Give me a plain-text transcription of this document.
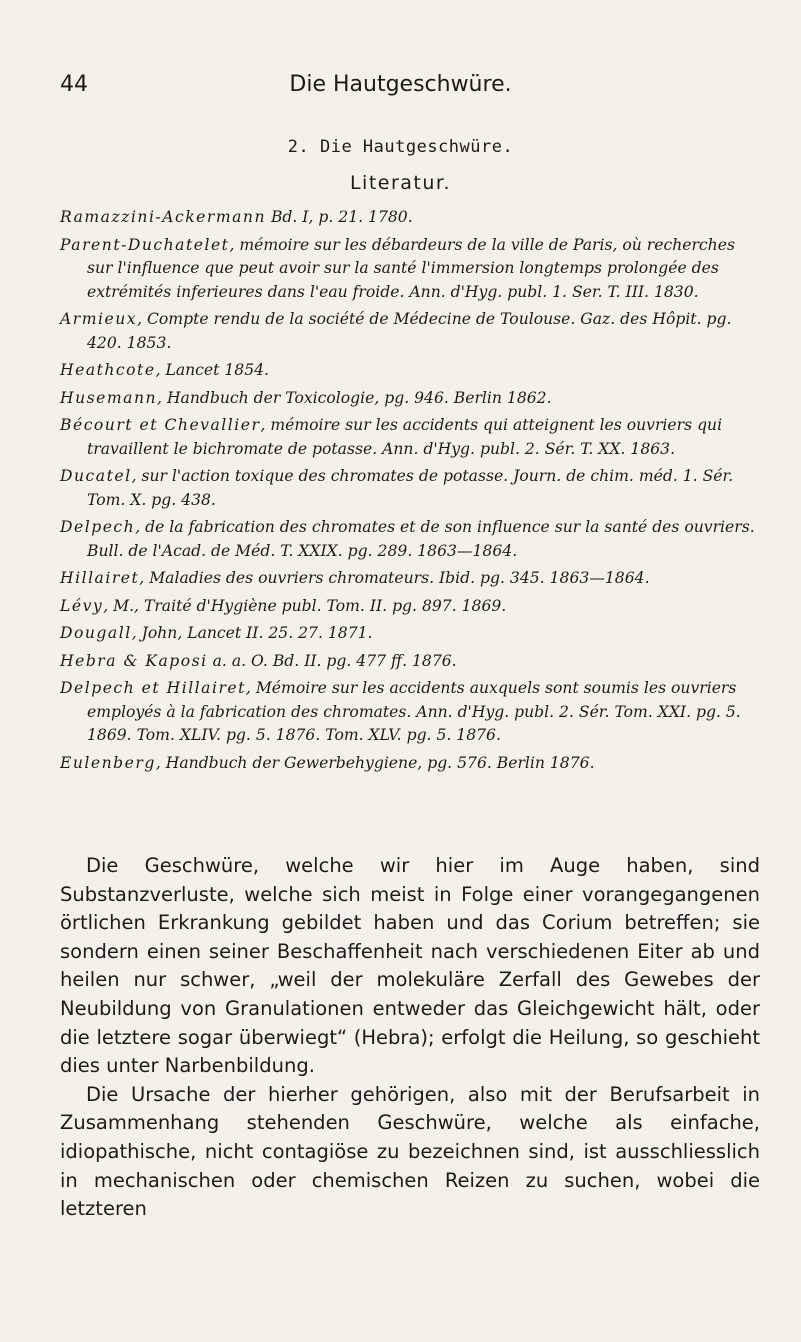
44	Die Hautgeschwüre.
2. Die Hautgeschwüre.
Literatur.
Ramazzini-Ackermann Bd. I, p. 21. 1780.
Parent-Duchatelet, mémoire sur les débardeurs de la ville de Paris, où recherches sur l'influence que peut avoir sur la santé l'immersion longtemps prolongée des extrémités inferieures dans l'eau froide. Ann. d'Hyg. publ. 1. Ser. T. III. 1830.
Armieux, Compte rendu de la société de Médecine de Toulouse. Gaz. des Hôpit. pg. 420. 1853.
Heathcote, Lancet 1854.
Husemann, Handbuch der Toxicologie, pg. 946. Berlin 1862.
Bécourt et Chevallier, mémoire sur les accidents qui atteignent les ouvriers qui travaillent le bichromate de potasse. Ann. d'Hyg. publ. 2. Sér. T. XX. 1863.
Ducatel, sur l'action toxique des chromates de potasse. Journ. de chim. méd. 1. Sér. Tom. X. pg. 438.
Delpech, de la fabrication des chromates et de son influence sur la santé des ouvriers. Bull. de l'Acad. de Méd. T. XXIX. pg. 289. 1863—1864.
Hillairet, Maladies des ouvriers chromateurs. Ibid. pg. 345. 1863—1864.
Lévy, M., Traité d'Hygiène publ. Tom. II. pg. 897. 1869.
Dougall, John, Lancet II. 25. 27. 1871.
Hebra & Kaposi a. a. O. Bd. II. pg. 477 ff. 1876.
Delpech et Hillairet, Mémoire sur les accidents auxquels sont soumis les ouvriers employés à la fabrication des chromates. Ann. d'Hyg. publ. 2. Sér. Tom. XXI. pg. 5. 1869. Tom. XLIV. pg. 5. 1876. Tom. XLV. pg. 5. 1876.
Eulenberg, Handbuch der Gewerbehygiene, pg. 576. Berlin 1876.

Die Geschwüre, welche wir hier im Auge haben, sind Substanzverluste, welche sich meist in Folge einer vorangegangenen örtlichen Erkrankung gebildet haben und das Corium betreffen; sie sondern einen seiner Beschaffenheit nach verschiedenen Eiter ab und heilen nur schwer, „weil der molekuläre Zerfall des Gewebes der Neubildung von Granulationen entweder das Gleichgewicht hält, oder die letztere sogar überwiegt“ (Hebra); erfolgt die Heilung, so geschieht dies unter Narbenbildung.

Die Ursache der hierher gehörigen, also mit der Berufsarbeit in Zusammenhang stehenden Geschwüre, welche als einfache, idiopathische, nicht contagiöse zu bezeichnen sind, ist ausschliesslich in mechanischen oder chemischen Reizen zu suchen, wobei die letzteren
